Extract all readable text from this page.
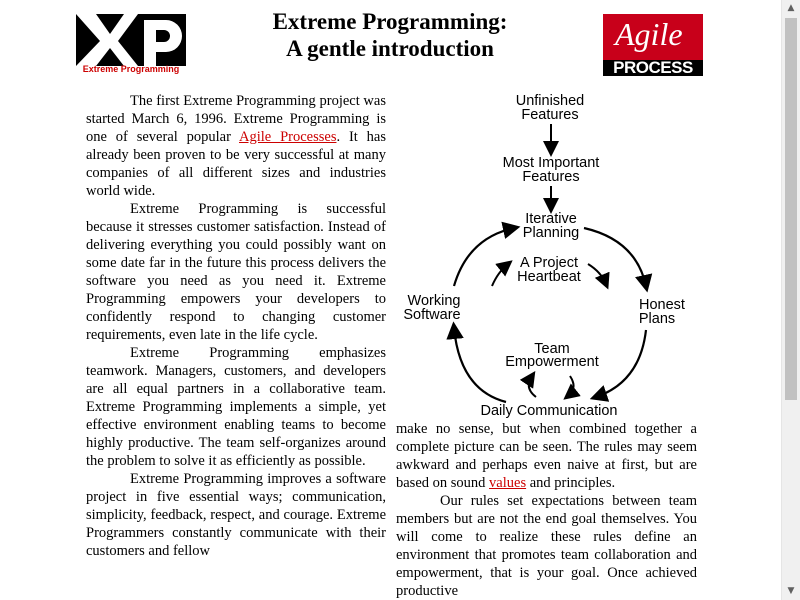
Extreme Programming
Extreme Programming:
A gentle introduction	Agile
PROCESS

The first Extreme Programming project was started March 6, 1996. Extreme Programming is one of several popular Agile Processes. It has already been proven to be very successful at many companies of all different sizes and industries world wide.

Extreme Programming is successful because it stresses customer satisfaction. Instead of delivering everything you could possibly want on some date far in the future this process delivers the software you need as you need it. Extreme Programming empowers your developers to confidently respond to changing customer requirements, even late in the life cycle.

Extreme Programming emphasizes teamwork. Managers, customers, and developers are all equal partners in a collaborative team. Extreme Programming implements a simple, yet effective environment enabling teams to become highly productive. The team self-organizes around the problem to solve it as efficiently as possible.

Extreme Programming improves a software project in five essential ways; communication, simplicity, feedback, respect, and courage. Extreme Programmers constantly communicate with their customers and fellow

Unfinished
Features
Most Important
Features
Iterative
Planning
A Project
Heartbeat
Honest
Plans
Working
Software
Team
Empowerment
Daily Communication

make no sense, but when combined together a complete picture can be seen. The rules may seem awkward and perhaps even naive at first, but are based on sound values and principles.

Our rules set expectations between team members but are not the end goal themselves. You will come to realize these rules define an environment that promotes team collaboration and empowerment, that is your goal. Once achieved productive

▲
▼
